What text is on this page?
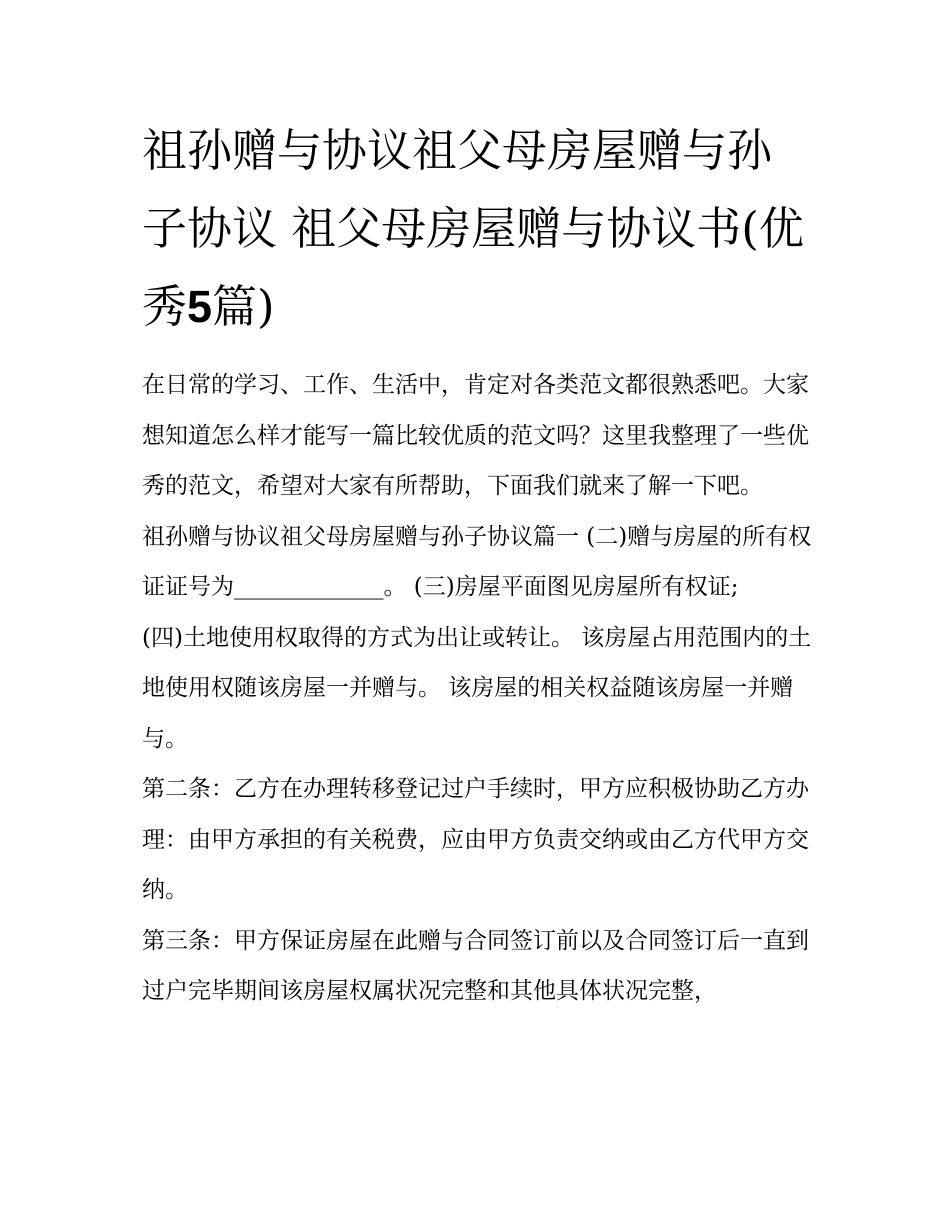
祖孙赠与协议祖父母房屋赠与孙子协议 祖父母房屋赠与协议书(优秀5篇)

在日常的学习、工作、生活中，肯定对各类范文都很熟悉吧。大家想知道怎么样才能写一篇比较优质的范文吗？这里我整理了一些优秀的范文，希望对大家有所帮助，下面我们就来了解一下吧。

祖孙赠与协议祖父母房屋赠与孙子协议篇一 (二)赠与房屋的所有权证证号为_____________。 (三)房屋平面图见房屋所有权证;

(四)土地使用权取得的方式为出让或转让。 该房屋占用范围内的土地使用权随该房屋一并赠与。 该房屋的相关权益随该房屋一并赠与。

第二条：乙方在办理转移登记过户手续时，甲方应积极协助乙方办理：由甲方承担的有关税费，应由甲方负责交纳或由乙方代甲方交纳。

第三条：甲方保证房屋在此赠与合同签订前以及合同签订后一直到过户完毕期间该房屋权属状况完整和其他具体状况完整，
